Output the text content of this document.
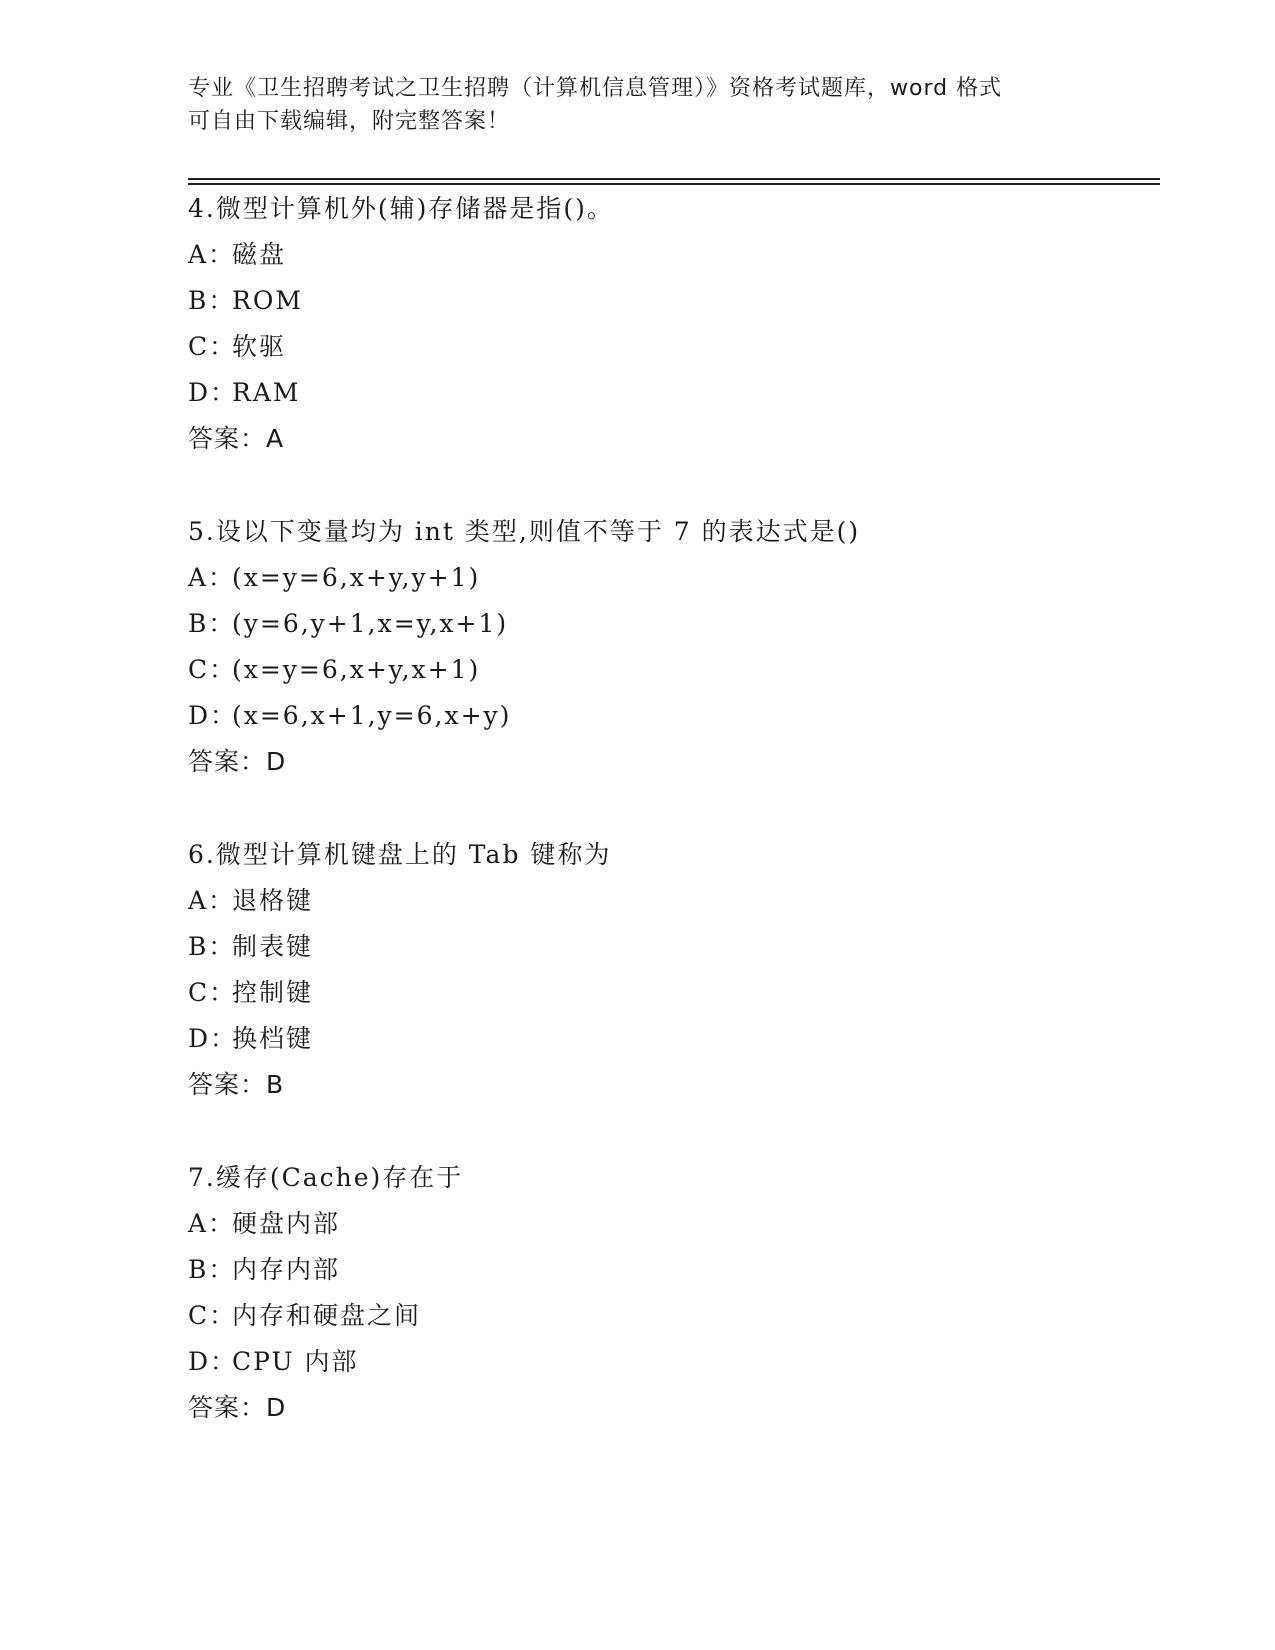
专业《卫生招聘考试之卫生招聘（计算机信息管理）》资格考试题库，word 格式
可自由下载编辑，附完整答案！
4.微型计算机外(辅)存储器是指()。
A：磁盘
B：ROM
C：软驱
D：RAM
答案：A
5.设以下变量均为 int 类型,则值不等于 7 的表达式是()
A：(x=y=6,x+y,y+1)
B：(y=6,y+1,x=y,x+1)
C：(x=y=6,x+y,x+1)
D：(x=6,x+1,y=6,x+y)
答案：D
6.微型计算机键盘上的 Tab 键称为
A：退格键
B：制表键
C：控制键
D：换档键
答案：B
7.缓存(Cache)存在于
A：硬盘内部
B：内存内部
C：内存和硬盘之间
D：CPU 内部
答案：D
